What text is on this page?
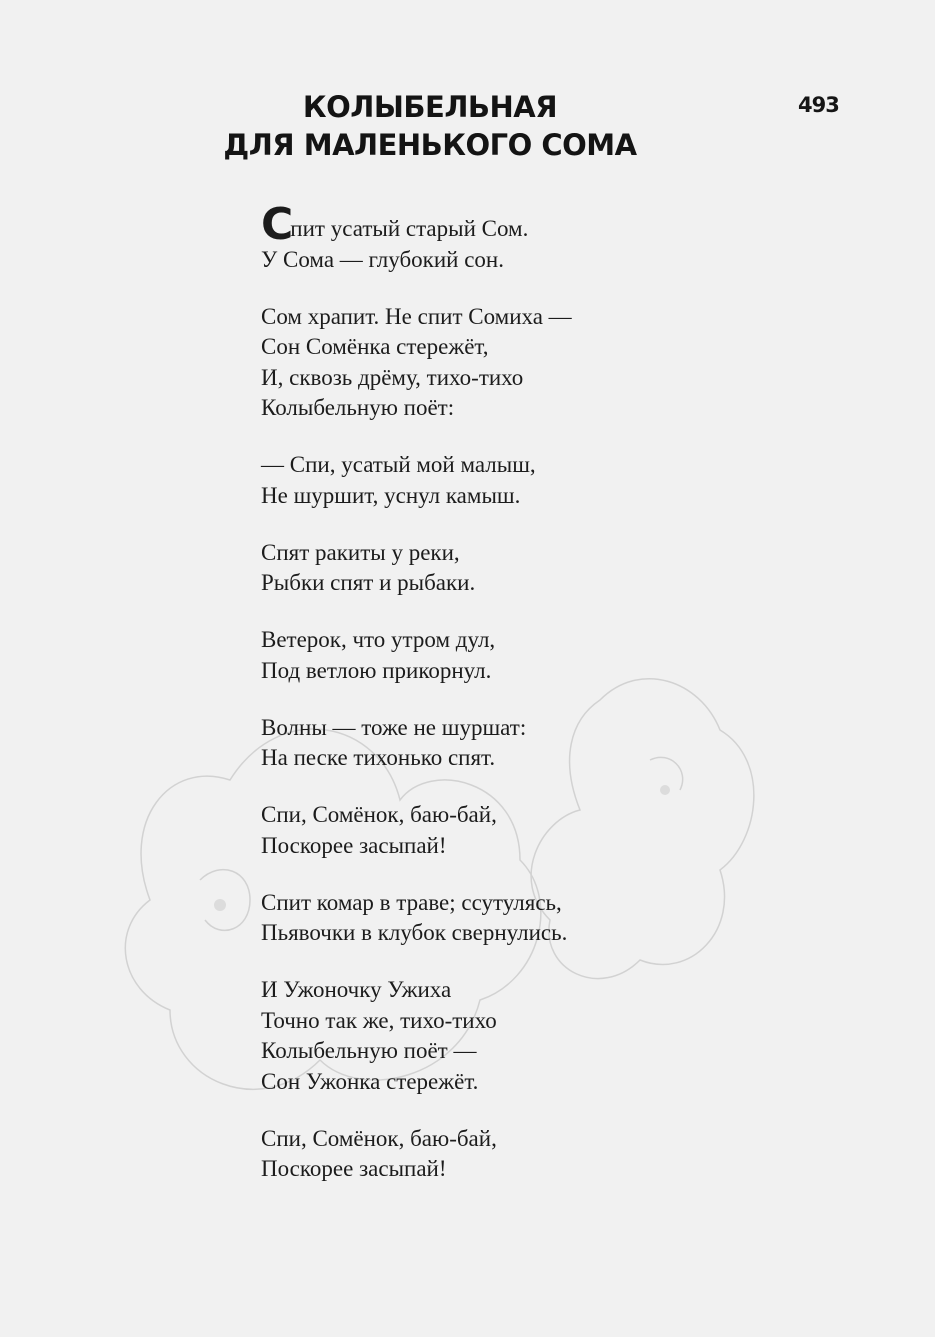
493
КОЛЫБЕЛЬНАЯ
ДЛЯ МАЛЕНЬКОГО СОМА
Спит усатый старый Сом.
У Сома — глубокий сон.
Сом храпит. Не спит Сомиха —
Сон Сомёнка стережёт,
И, сквозь дрёму, тихо-тихо
Колыбельную поёт:
— Спи, усатый мой малыш,
Не шуршит, уснул камыш.
Спят ракиты у реки,
Рыбки спят и рыбаки.
Ветерок, что утром дул,
Под ветлою прикорнул.
Волны — тоже не шуршат:
На песке тихонько спят.
Спи, Сомёнок, баю-бай,
Поскорее засыпай!
Спит комар в траве; ссутулясь,
Пьявочки в клубок свернулись.
И Ужоночку Ужиха
Точно так же, тихо-тихо
Колыбельную поёт —
Сон Ужонка стережёт.
Спи, Сомёнок, баю-бай,
Поскорее засыпай!
